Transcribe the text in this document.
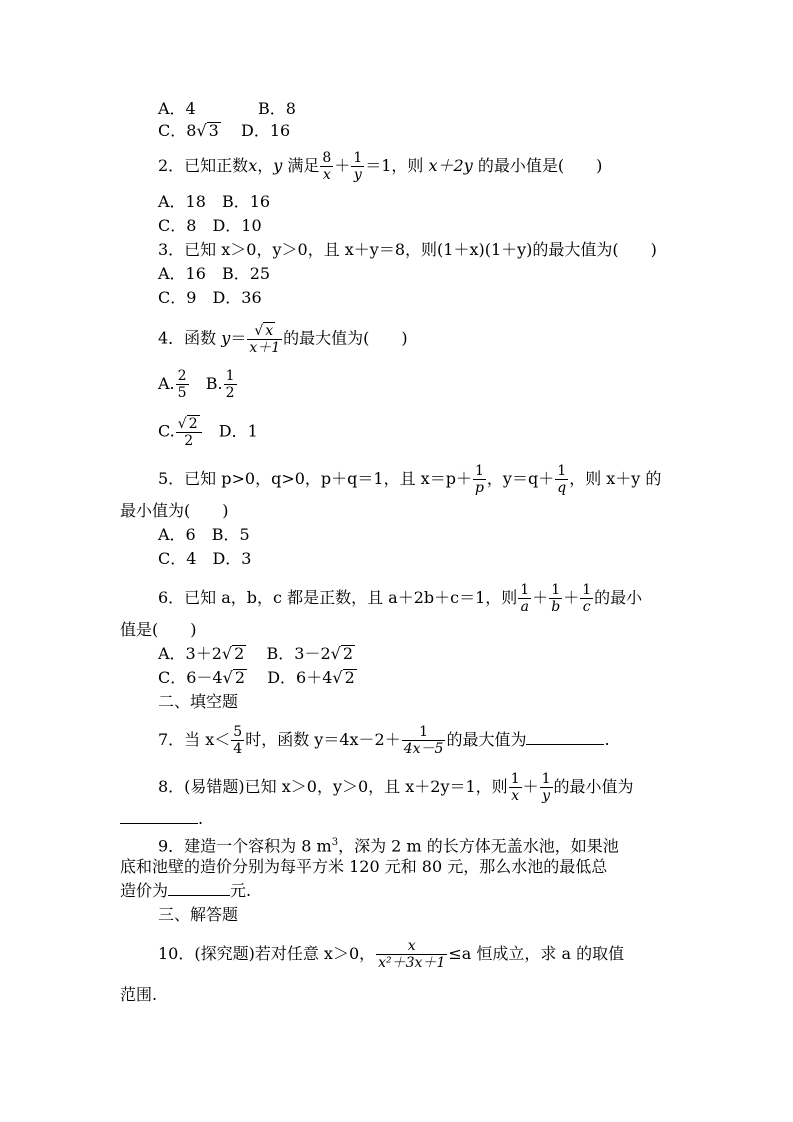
A．4	B．8
C．8√ 3 D．16
2．已知正数x，y 满足 $\frac{8}{x} + \frac{1}{y} =1$，则 x＋2y 的最小值是(　　)
A．18　 B．16
C．8　 D．10
3．已知 x＞0，y＞0，且 x＋y＝8，则(1＋x)(1＋y)的最大值为(　　)
A．16　 B．25
C．9　 D．36
4．函数 $y= \frac{√ x}{x+1}$ 的最大值为(　　)
A. $\frac{2}{5} B$. $\frac{1}{2}$
C. $\frac{√ 2}{2}$ D．1
5．已知 p>0，q>0，p＋q＝1，且 $x=p+ \frac{1}{p}$ ，$y=q+ \frac{1}{q}$ ，则 x＋y 的
最小值为(　　)
A．6　 B．5
C．4　 D．3
6．已知 a，b，c 都是正数，且 a＋2b＋c＝1，则 $\frac{1}{a} + \frac{1}{b} + \frac{1}{c}$ 的最小
值是(　　)
A．3＋2√ 2 B．3－2√ 2
C．6－4√ 2 D．6＋4√ 2
二、填空题
7．当 $x< \frac{5}{4}$ 时，函数 $y=4x-2+ \frac{1}{4x-5}$ 的最大值为	.
8．(易错题)已知 x＞0，y＞0，且 x＋2y＝1，则 $\frac{1}{x} + \frac{1}{y}$ 的最小值为
.
9．建造一个容积为 8 $m^3$，深为 2 m 的长方体无盖水池，如果池
底和池壁的造价分别为每平方米 120 元和 80 元，那么水池的最低总
造价为	元.
三、解答题
10．(探究题)若对任意 x＞0， $\frac{x}{\text{x²＋3x＋1}} \le a$ 恒成立，求 a 的取值
范围.
